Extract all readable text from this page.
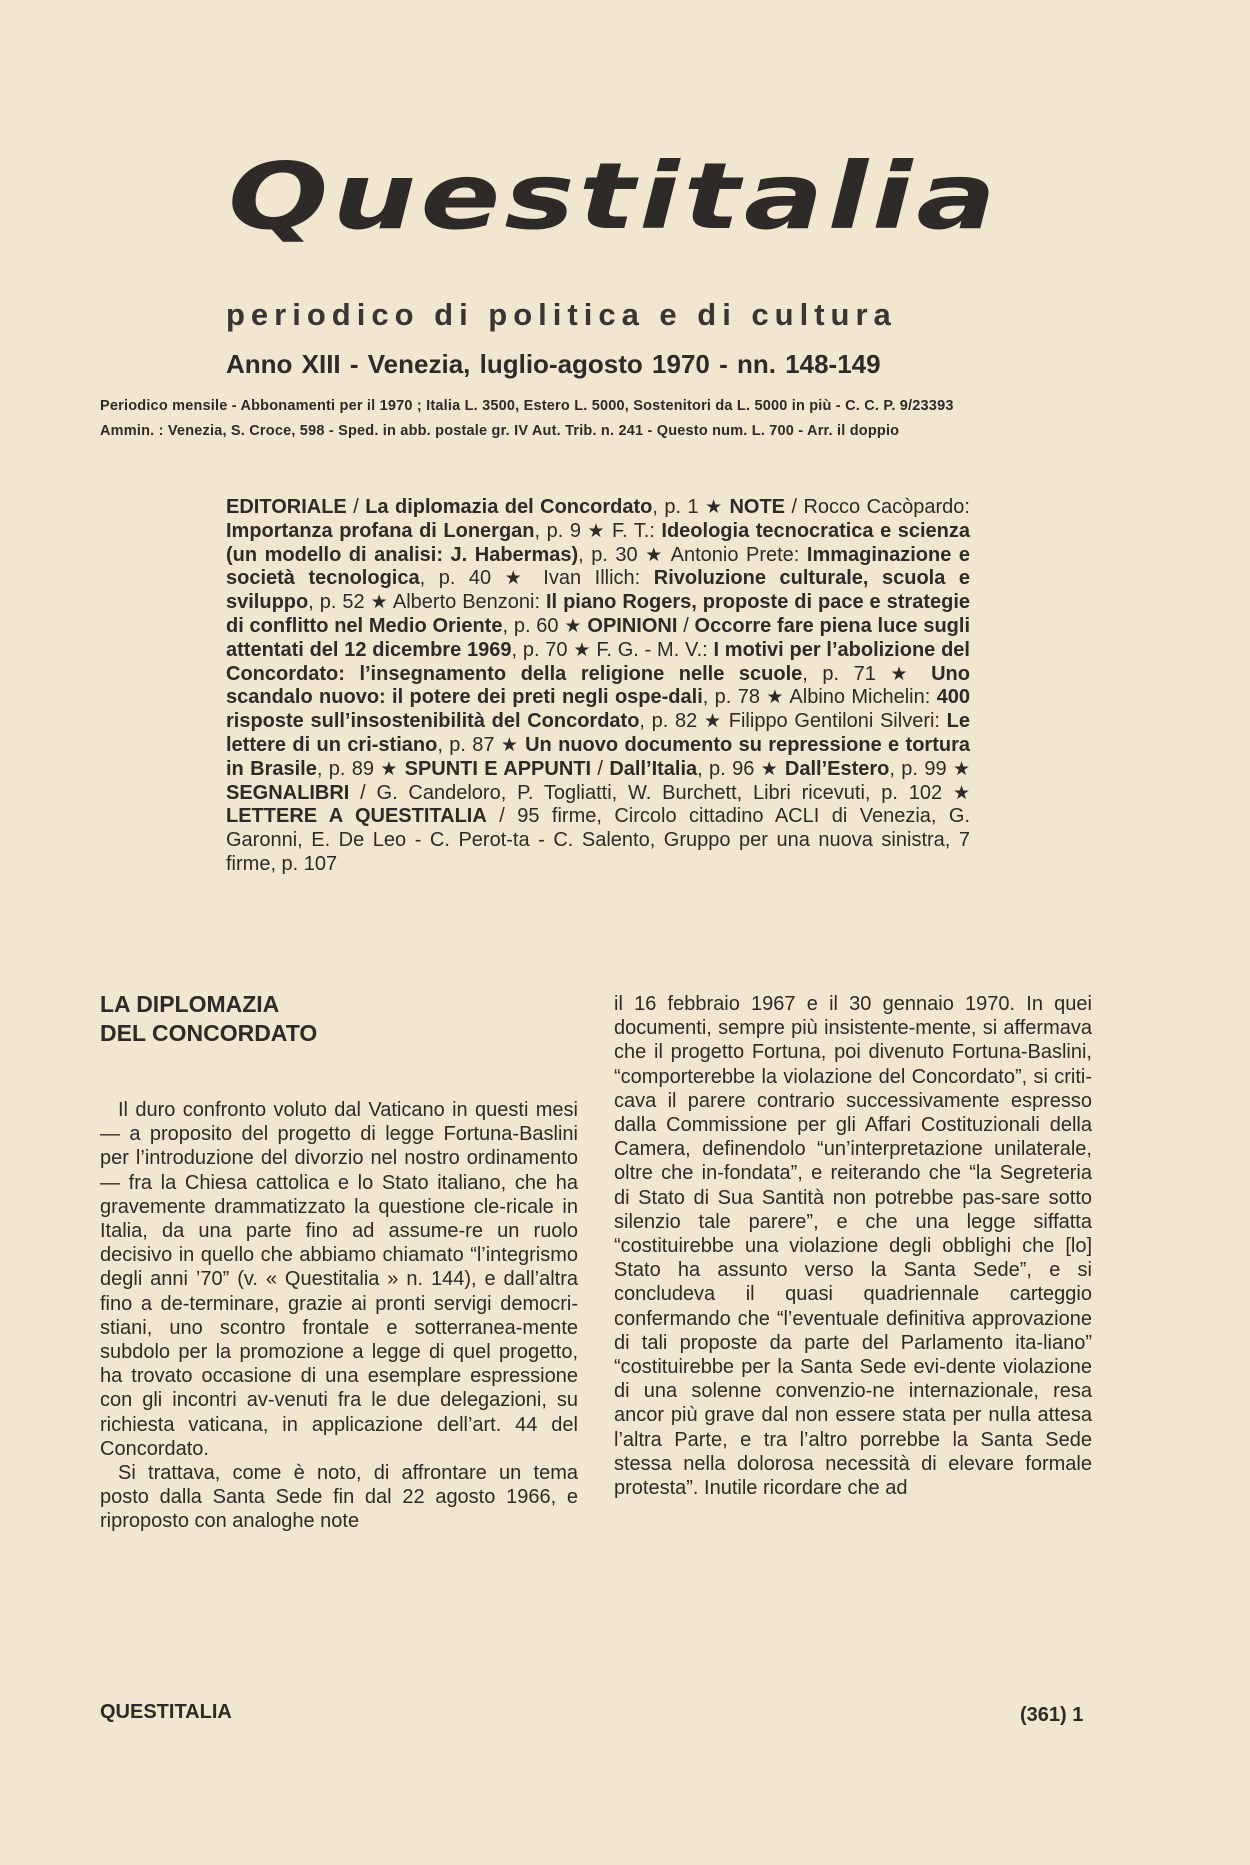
Questitalia
periodico di politica e di cultura
Anno XIII - Venezia, luglio-agosto 1970 - nn. 148-149
Periodico mensile - Abbonamenti per il 1970 ; Italia L. 3500, Estero L. 5000, Sostenitori da L. 5000 in più - C. C. P. 9/23393
Ammin. : Venezia, S. Croce, 598 - Sped. in abb. postale gr. IV Aut. Trib. n. 241 - Questo num. L. 700 - Arr. il doppio
EDITORIALE / La diplomazia del Concordato, p. 1 ★ NOTE / Rocco Cacòpardo: Importanza profana di Lonergan, p. 9 ★ F. T.: Ideologia tecnocratica e scienza (un modello di analisi: J. Habermas), p. 30 ★ Antonio Prete: Immaginazione e società tecnologica, p. 40 ★ Ivan Illich: Rivoluzione culturale, scuola e sviluppo, p. 52 ★ Alberto Benzoni: Il piano Rogers, proposte di pace e strategie di conflitto nel Medio Oriente, p. 60 ★ OPINIONI / Occorre fare piena luce sugli attentati del 12 dicembre 1969, p. 70 ★ F. G. - M. V.: I motivi per l’abolizione del Concordato: l’insegnamento della religione nelle scuole, p. 71 ★ Uno scandalo nuovo: il potere dei preti negli ospe-dali, p. 78 ★ Albino Michelin: 400 risposte sull’insostenibilità del Concordato, p. 82 ★ Filippo Gentiloni Silveri: Le lettere di un cri-stiano, p. 87 ★ Un nuovo documento su repressione e tortura in Brasile, p. 89 ★ SPUNTI E APPUNTI / Dall’Italia, p. 96 ★ Dall’Estero, p. 99 ★ SEGNALIBRI / G. Candeloro, P. Togliatti, W. Burchett, Libri ricevuti, p. 102 ★ LETTERE A QUESTITALIA / 95 firme, Circolo cittadino ACLI di Venezia, G. Garonni, E. De Leo - C. Perot-ta - C. Salento, Gruppo per una nuova sinistra, 7 firme, p. 107
LA DIPLOMAZIA
DEL CONCORDATO

Il duro confronto voluto dal Vaticano in questi mesi — a proposito del progetto di legge Fortuna-Baslini per l’introduzione del divorzio nel nostro ordinamento — fra la Chiesa cattolica e lo Stato italiano, che ha gravemente drammatizzato la questione cle-ricale in Italia, da una parte fino ad assume-re un ruolo decisivo in quello che abbiamo chiamato “l’integrismo degli anni ’70” (v. « Questitalia » n. 144), e dall’altra fino a de-terminare, grazie ai pronti servigi democri-stiani, uno scontro frontale e sotterranea-mente subdolo per la promozione a legge di quel progetto, ha trovato occasione di una esemplare espressione con gli incontri av-venuti fra le due delegazioni, su richiesta vaticana, in applicazione dell’art. 44 del Concordato.

Si trattava, come è noto, di affrontare un tema posto dalla Santa Sede fin dal 22 agosto 1966, e riproposto con analoghe note

il 16 febbraio 1967 e il 30 gennaio 1970. In quei documenti, sempre più insistente-mente, si affermava che il progetto Fortuna, poi divenuto Fortuna-Baslini, “comporterebbe la violazione del Concordato”, si criti-cava il parere contrario successivamente espresso dalla Commissione per gli Affari Costituzionali della Camera, definendolo “un’interpretazione unilaterale, oltre che in-fondata”, e reiterando che “la Segreteria di Stato di Sua Santità non potrebbe pas-sare sotto silenzio tale parere”, e che una legge siffatta “costituirebbe una violazione degli obblighi che [lo] Stato ha assunto verso la Santa Sede”, e si concludeva il quasi quadriennale carteggio confermando che “l’eventuale definitiva approvazione di tali proposte da parte del Parlamento ita-liano” “costituirebbe per la Santa Sede evi-dente violazione di una solenne convenzio-ne internazionale, resa ancor più grave dal non essere stata per nulla attesa l’altra Parte, e tra l’altro porrebbe la Santa Sede stessa nella dolorosa necessità di elevare formale protesta”. Inutile ricordare che ad

QUESTITALIA	(361) 1
